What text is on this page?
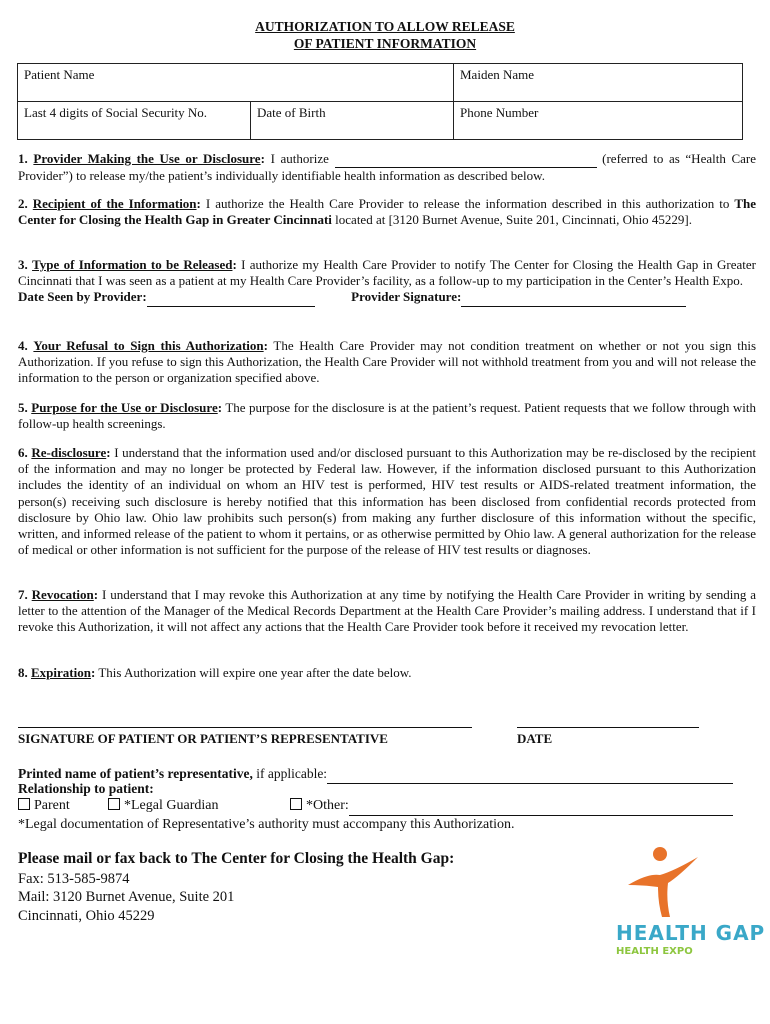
AUTHORIZATION TO ALLOW RELEASE
OF PATIENT INFORMATION
Patient Name		Maiden Name
Last 4 digits of Social Security No.	Date of Birth	Phone Number

1. Provider Making the Use or Disclosure: I authorize	(referred to as “Health Care Provider”) to release my/the patient’s individually identifiable health information as described below.

2. Recipient of the Information: I authorize the Health Care Provider to release the information described in this authorization to The Center for Closing the Health Gap in Greater Cincinnati located at [3120 Burnet Avenue, Suite 201, Cincinnati, Ohio 45229].

3. Type of Information to be Released: I authorize my Health Care Provider to notify The Center for Closing the Health Gap in Greater Cincinnati that I was seen as a patient at my Health Care Provider’s facility, as a follow-up to my participation in the Center’s Health Expo.
Date Seen by Provider:	Provider Signature:

4. Your Refusal to Sign this Authorization: The Health Care Provider may not condition treatment on whether or not you sign this Authorization. If you refuse to sign this Authorization, the Health Care Provider will not withhold treatment from you and will not release the information to the person or organization specified above.

5. Purpose for the Use or Disclosure: The purpose for the disclosure is at the patient’s request. Patient requests that we follow through with follow-up health screenings.

6. Re-disclosure: I understand that the information used and/or disclosed pursuant to this Authorization may be re-disclosed by the recipient of the information and may no longer be protected by Federal law. However, if the information disclosed pursuant to this Authorization includes the identity of an individual on whom an HIV test is performed, HIV test results or AIDS-related treatment information, the person(s) receiving such disclosure is hereby notified that this information has been disclosed from confidential records protected from disclosure by Ohio law. Ohio law prohibits such person(s) from making any further disclosure of this information without the specific, written, and informed release of the patient to whom it pertains, or as otherwise permitted by Ohio law. A general authorization for the release of medical or other information is not sufficient for the purpose of the release of HIV test results or diagnoses.

7. Revocation: I understand that I may revoke this Authorization at any time by notifying the Health Care Provider in writing by sending a letter to the attention of the Manager of the Medical Records Department at the Health Care Provider’s mailing address. I understand that if I revoke this Authorization, it will not affect any actions that the Health Care Provider took before it received my revocation letter.

8. Expiration: This Authorization will expire one year after the date below.

SIGNATURE OF PATIENT OR PATIENT’S REPRESENTATIVE	DATE
Printed name of patient’s representative, if applicable:
Relationship to patient:
Parent	*Legal Guardian	*Other:
*Legal documentation of Representative’s authority must accompany this Authorization.
Please mail or fax back to The Center for Closing the Health Gap:
Fax: 513-585-9874
Mail: 3120 Burnet Avenue, Suite 201
Cincinnati, Ohio 45229
HEALTH GAP
HEALTH EXPO
